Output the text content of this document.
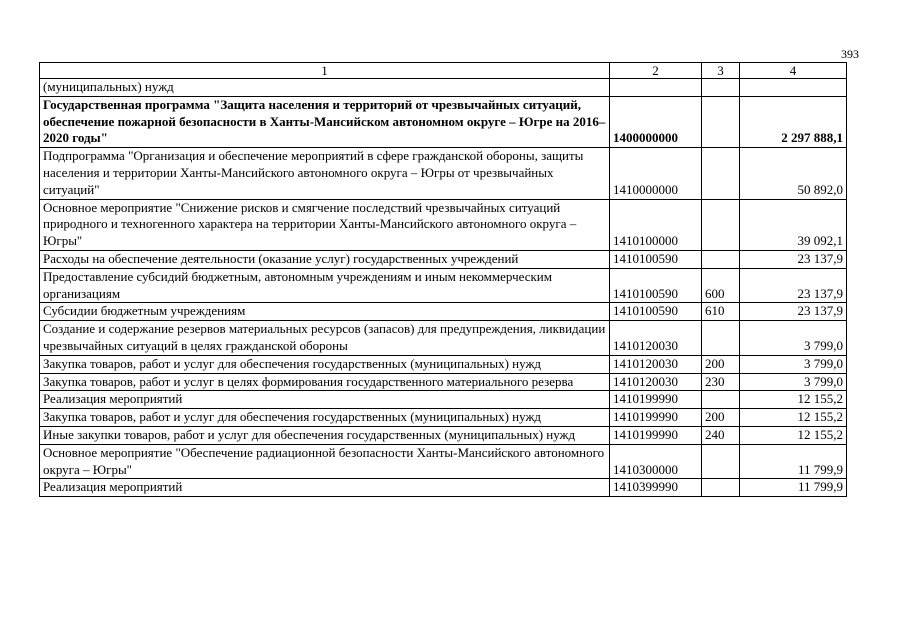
393
1	2	3	4
(муниципальных) нужд			
Государственная программа "Защита населения и территорий от чрезвычайных ситуаций, обеспечение пожарной безопасности в Ханты-Мансийском автономном округе – Югре на 2016–2020 годы"	1400000000		2 297 888,1
Подпрограмма "Организация и обеспечение мероприятий в сфере гражданской обороны, защиты населения и территории Ханты-Мансийского автономного округа – Югры от чрезвычайных ситуаций"	1410000000		50 892,0
Основное мероприятие "Снижение рисков и смягчение последствий чрезвычайных ситуаций природного и техногенного характера на территории Ханты-Мансийского автономного округа – Югры"	1410100000		39 092,1
Расходы на обеспечение деятельности (оказание услуг) государственных учреждений	1410100590		23 137,9
Предоставление субсидий бюджетным, автономным учреждениям и иным некоммерческим организациям	1410100590	600	23 137,9
Субсидии бюджетным учреждениям	1410100590	610	23 137,9
Создание и содержание резервов материальных ресурсов (запасов) для предупреждения, ликвидации чрезвычайных ситуаций в целях гражданской обороны	1410120030		3 799,0
Закупка товаров, работ и услуг для обеспечения государственных (муниципальных) нужд	1410120030	200	3 799,0
Закупка товаров, работ и услуг в целях формирования государственного материального резерва	1410120030	230	3 799,0
Реализация мероприятий	1410199990		12 155,2
Закупка товаров, работ и услуг для обеспечения государственных (муниципальных) нужд	1410199990	200	12 155,2
Иные закупки товаров, работ и услуг для обеспечения государственных (муниципальных) нужд	1410199990	240	12 155,2
Основное мероприятие "Обеспечение радиационной безопасности Ханты-Мансийского автономного округа – Югры"	1410300000		11 799,9
Реализация мероприятий	1410399990		11 799,9
